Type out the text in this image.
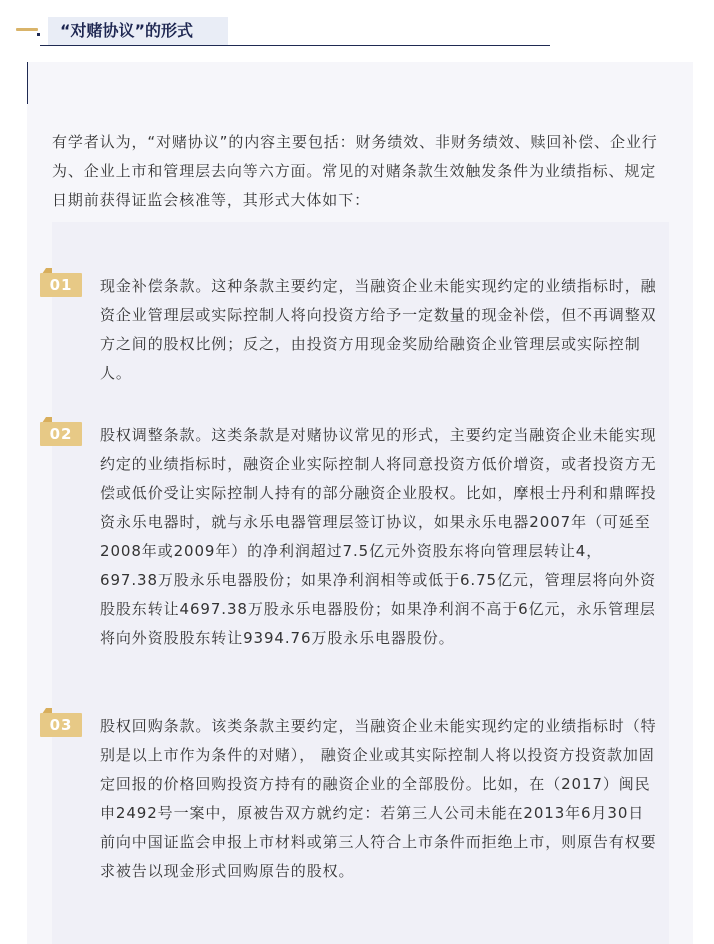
“对赌协议”的形式

有学者认为，“对赌协议”的内容主要包括：财务绩效、非财务绩效、赎回补偿、企业行为、企业上市和管理层去向等六方面。常见的对赌条款生效触发条件为业绩指标、规定日期前获得证监会核准等，其形式大体如下：

01	现金补偿条款。这种条款主要约定，当融资企业未能实现约定的业绩指标时，融资企业管理层或实际控制人将向投资方给予一定数量的现金补偿，但不再调整双方之间的股权比例；反之，由投资方用现金奖励给融资企业管理层或实际控制人。

02	股权调整条款。这类条款是对赌协议常见的形式，主要约定当融资企业未能实现约定的业绩指标时，融资企业实际控制人将同意投资方低价增资，或者投资方无偿或低价受让实际控制人持有的部分融资企业股权。比如，摩根士丹利和鼎晖投资永乐电器时，就与永乐电器管理层签订协议，如果永乐电器2007年（可延至2008年或2009年）的净利润超过7.5亿元外资股东将向管理层转让4，697.38万股永乐电器股份；如果净利润相等或低于6.75亿元，管理层将向外资股股东转让4697.38万股永乐电器股份；如果净利润不高于6亿元，永乐管理层将向外资股股东转让9394.76万股永乐电器股份。

03	股权回购条款。该类条款主要约定，当融资企业未能实现约定的业绩指标时（特别是以上市作为条件的对赌）， 融资企业或其实际控制人将以投资方投资款加固定回报的价格回购投资方持有的融资企业的全部股份。比如，在（2017）闽民申2492号一案中，原被告双方就约定：若第三人公司未能在2013年6月30日前向中国证监会申报上市材料或第三人符合上市条件而拒绝上市，则原告有权要求被告以现金形式回购原告的股权。
